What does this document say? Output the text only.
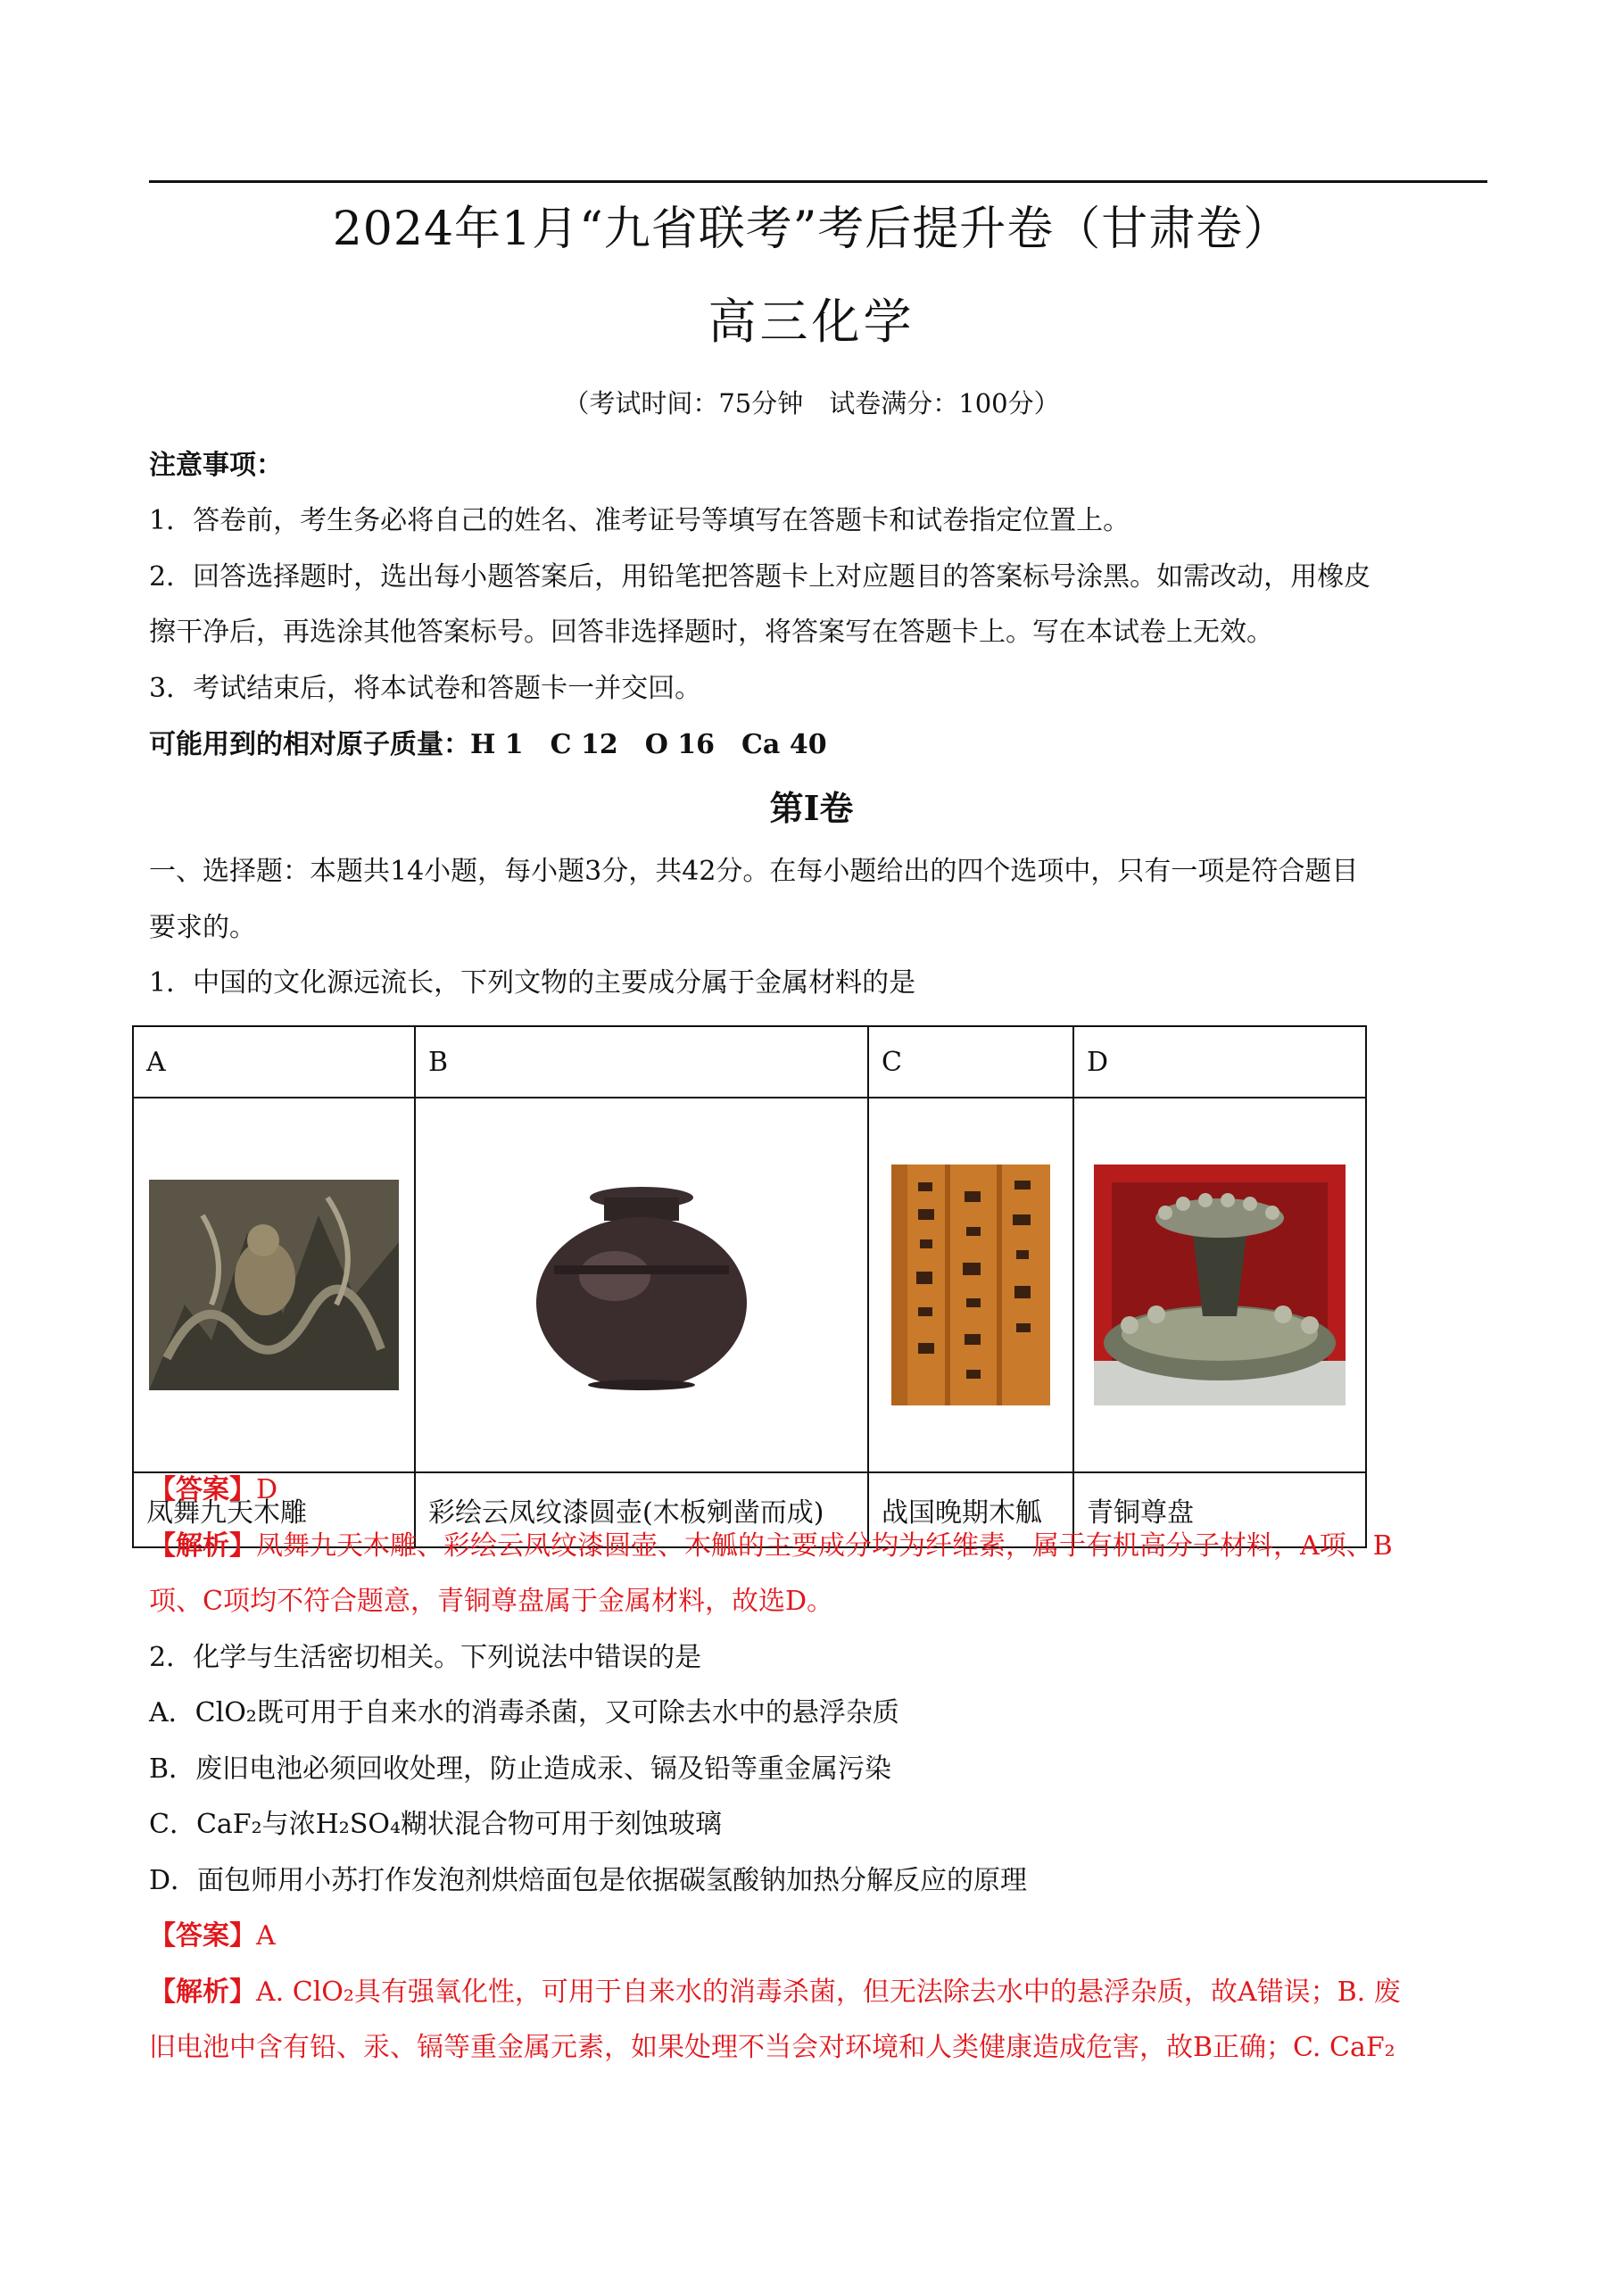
2024年1月“九省联考”考后提升卷（甘肃卷）
高三化学
（考试时间：75分钟　试卷满分：100分）
注意事项：
1．答卷前，考生务必将自己的姓名、准考证号等填写在答题卡和试卷指定位置上。
2．回答选择题时，选出每小题答案后，用铅笔把答题卡上对应题目的答案标号涂黑。如需改动，用橡皮
擦干净后，再选涂其他答案标号。回答非选择题时，将答案写在答题卡上。写在本试卷上无效。
3．考试结束后，将本试卷和答题卡一并交回。
可能用到的相对原子质量：H 1　C 12　O 16　Ca 40
第Ⅰ卷
一、选择题：本题共14小题，每小题3分，共42分。在每小题给出的四个选项中，只有一项是符合题目
要求的。
1．中国的文化源远流长，下列文物的主要成分属于金属材料的是
A	B	C	D

凤舞九天木雕	彩绘云凤纹漆圆壶(木板剜凿而成)	战国晚期木觚	青铜尊盘
【答案】D
【解析】凤舞九天木雕、彩绘云凤纹漆圆壶、木觚的主要成分均为纤维素，属于有机高分子材料，A项、B
项、C项均不符合题意，青铜尊盘属于金属材料，故选D。
2．化学与生活密切相关。下列说法中错误的是
A．ClO₂既可用于自来水的消毒杀菌，又可除去水中的悬浮杂质
B．废旧电池必须回收处理，防止造成汞、镉及铅等重金属污染
C．CaF₂与浓H₂SO₄糊状混合物可用于刻蚀玻璃
D．面包师用小苏打作发泡剂烘焙面包是依据碳氢酸钠加热分解反应的原理
【答案】A
【解析】A. ClO₂具有强氧化性，可用于自来水的消毒杀菌，但无法除去水中的悬浮杂质，故A错误；B. 废
旧电池中含有铅、汞、镉等重金属元素，如果处理不当会对环境和人类健康造成危害，故B正确；C. CaF₂
